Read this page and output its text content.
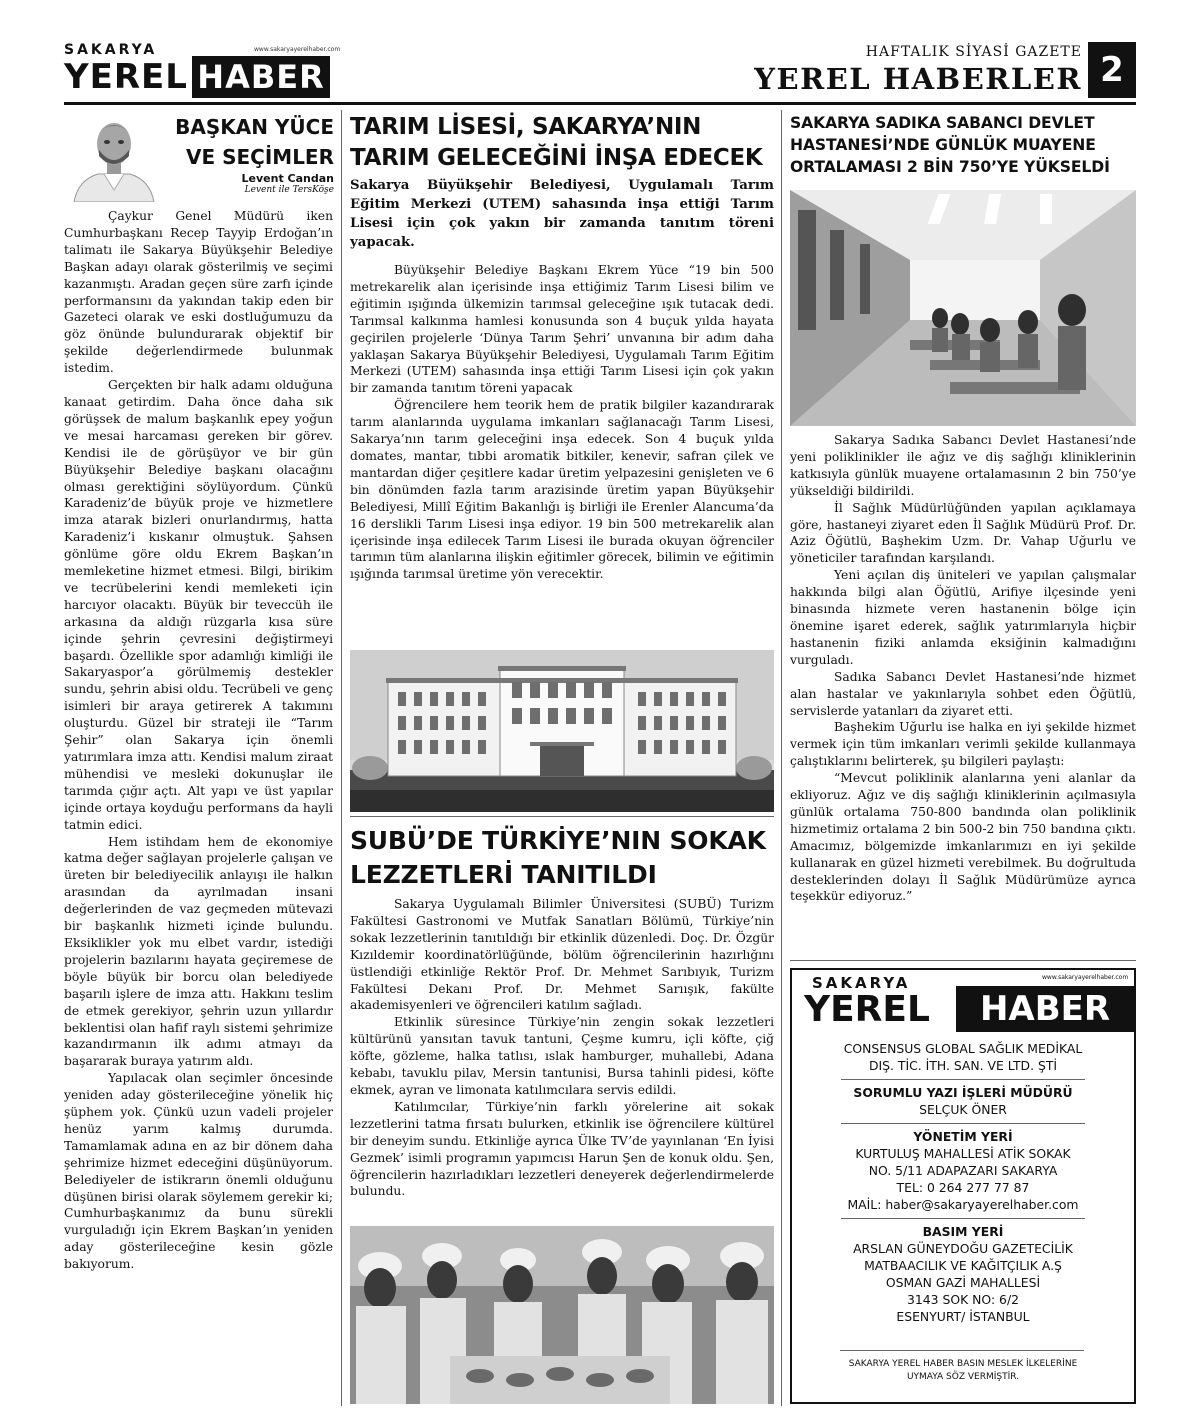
SAKARYA	www.sakaryayerelhaber.com
YEREL HABER
HAFTALIK SİYASİ GAZETE
YEREL HABERLER 2
BAŞKAN YÜCE VE SEÇİMLER
Levent Candan
Levent ile TersKöşe

Çaykur Genel Müdürü iken Cumhurbaşkanı Recep Tayyip Erdoğan’ın talimatı ile Sakarya Büyükşehir Belediye Başkan adayı olarak gösterilmiş ve seçimi kazanmıştı. Aradan geçen süre zarfı içinde performansını da yakından takip eden bir Gazeteci olarak ve eski dostluğumuzu da göz önünde bulundurarak objektif bir şekilde değerlendirmede bulunmak istedim.

Gerçekten bir halk adamı olduğuna kanaat getirdim. Daha önce daha sık görüşsek de malum başkanlık epey yoğun ve mesai harcaması gereken bir görev. Kendisi ile de görüşüyor ve bir gün Büyükşehir Belediye başkanı olacağını olması gerektiğini söylüyordum. Çünkü Karadeniz’de büyük proje ve hizmetlere imza atarak bizleri onurlandırmış, hatta Karadeniz’i kıskanır olmuştuk. Şahsen gönlüme göre oldu Ekrem Başkan’ın memleketine hizmet etmesi. Bilgi, birikim ve tecrübelerini kendi memleketi için harcıyor olacaktı. Büyük bir teveccüh ile arkasına da aldığı rüzgarla kısa süre içinde şehrin çevresini değiştirmeyi başardı. Özellikle spor adamlığı kimliği ile Sakaryaspor’a görülmemiş destekler sundu, şehrin abisi oldu. Tecrübeli ve genç isimleri bir araya getirerek A takımını oluşturdu. Güzel bir strateji ile “Tarım Şehir” olan Sakarya için önemli yatırımlara imza attı. Kendisi malum ziraat mühendisi ve mesleki dokunuşlar ile tarımda çığır açtı. Alt yapı ve üst yapılar içinde ortaya koyduğu performans da hayli tatmin edici.

Hem istihdam hem de ekonomiye katma değer sağlayan projelerle çalışan ve üreten bir belediyecilik anlayışı ile halkın arasından da ayrılmadan insani değerlerinden de vaz geçmeden mütevazi bir başkanlık hizmeti içinde bulundu. Eksiklikler yok mu elbet vardır, istediği projelerin bazılarını hayata geçiremese de böyle büyük bir borcu olan belediyede başarılı işlere de imza attı. Hakkını teslim de etmek gerekiyor, şehrin uzun yıllardır beklentisi olan hafif raylı sistemi şehrimize kazandırmanın ilk adımı atmayı da başararak buraya yatırım aldı.

Yapılacak olan seçimler öncesinde yeniden aday gösterileceğine yönelik hiç şüphem yok. Çünkü uzun vadeli projeler henüz yarım kalmış durumda. Tamamlamak adına en az bir dönem daha şehrimize hizmet edeceğini düşünüyorum. Belediyeler de istikrarın önemli olduğunu düşünen birisi olarak söylemem gerekir ki; Cumhurbaşkanımız da bunu sürekli vurguladığı için Ekrem Başkan’ın yeniden aday gösterileceğine kesin gözle bakıyorum.

TARIM LİSESİ, SAKARYA’NIN TARIM GELECEĞİNİ İNŞA EDECEK
Sakarya Büyükşehir Belediyesi, Uygulamalı Tarım Eğitim Merkezi (UTEM) sahasında inşa ettiği Tarım Lisesi için çok yakın bir zamanda tanıtım töreni yapacak.

Büyükşehir Belediye Başkanı Ekrem Yüce “19 bin 500 metrekarelik alan içerisinde inşa ettiğimiz Tarım Lisesi bilim ve eğitimin ışığında ülkemizin tarımsal geleceğine ışık tutacak dedi. Tarımsal kalkınma hamlesi konusunda son 4 buçuk yılda hayata geçirilen projelerle ‘Dünya Tarım Şehri’ unvanına bir adım daha yaklaşan Sakarya Büyükşehir Belediyesi, Uygulamalı Tarım Eğitim Merkezi (UTEM) sahasında inşa ettiği Tarım Lisesi için çok yakın bir zamanda tanıtım töreni yapacak

Öğrencilere hem teorik hem de pratik bilgiler kazandırarak tarım alanlarında uygulama imkanları sağlanacağı Tarım Lisesi, Sakarya’nın tarım geleceğini inşa edecek. Son 4 buçuk yılda domates, mantar, tıbbi aromatik bitkiler, kenevir, safran çilek ve mantardan diğer çeşitlere kadar üretim yelpazesini genişleten ve 6 bin dönümden fazla tarım arazisinde üretim yapan Büyükşehir Belediyesi, Millî Eğitim Bakanlığı iş birliği ile Erenler Alancuma’da 16 derslikli Tarım Lisesi inşa ediyor. 19 bin 500 metrekarelik alan içerisinde inşa edilecek Tarım Lisesi ile burada okuyan öğrenciler tarımın tüm alanlarına ilişkin eğitimler görecek, bilimin ve eğitimin ışığında tarımsal üretime yön verecektir.

SUBÜ’DE TÜRKİYE’NIN SOKAK LEZZETLERİ TANITILDI

Sakarya Uygulamalı Bilimler Üniversitesi (SUBÜ) Turizm Fakültesi Gastronomi ve Mutfak Sanatları Bölümü, Türkiye’nin sokak lezzetlerinin tanıtıldığı bir etkinlik düzenledi. Doç. Dr. Özgür Kızıldemir koordinatörlüğünde, bölüm öğrencilerinin hazırlığını üstlendiği etkinliğe Rektör Prof. Dr. Mehmet Sarıbıyık, Turizm Fakültesi Dekanı Prof. Dr. Mehmet Sarıışık, fakülte akademisyenleri ve öğrencileri katılım sağladı.

Etkinlik süresince Türkiye’nin zengin sokak lezzetleri kültürünü yansıtan tavuk tantuni, Çeşme kumru, içli köfte, çiğ köfte, gözleme, halka tatlısı, ıslak hamburger, muhallebi, Adana kebabı, tavuklu pilav, Mersin tantunisi, Bursa tahinli pidesi, köfte ekmek, ayran ve limonata katılımcılara servis edildi.

Katılımcılar, Türkiye’nin farklı yörelerine ait sokak lezzetlerini tatma fırsatı bulurken, etkinlik ise öğrencilere kültürel bir deneyim sundu. Etkinliğe ayrıca Ülke TV’de yayınlanan ‘En İyisi Gezmek’ isimli programın yapımcısı Harun Şen de konuk oldu. Şen, öğrencilerin hazırladıkları lezzetleri deneyerek değerlendirmelerde bulundu.

SAKARYA SADIKA SABANCI DEVLET HASTANESİ’NDE GÜNLÜK MUAYENE ORTALAMASI 2 BİN 750’YE YÜKSELDİ

Sakarya Sadıka Sabancı Devlet Hastanesi’nde yeni poliklinikler ile ağız ve diş sağlığı kliniklerinin katkısıyla günlük muayene ortalamasının 2 bin 750’ye yükseldiği bildirildi.

İl Sağlık Müdürlüğünden yapılan açıklamaya göre, hastaneyi ziyaret eden İl Sağlık Müdürü Prof. Dr. Aziz Öğütlü, Başhekim Uzm. Dr. Vahap Uğurlu ve yöneticiler tarafından karşılandı.

Yeni açılan diş üniteleri ve yapılan çalışmalar hakkında bilgi alan Öğütlü, Arifiye ilçesinde yeni binasında hizmete veren hastanenin bölge için önemine işaret ederek, sağlık yatırımlarıyla hiçbir hastanenin fiziki anlamda eksiğinin kalmadığını vurguladı.

Sadıka Sabancı Devlet Hastanesi’nde hizmet alan hastalar ve yakınlarıyla sohbet eden Öğütlü, servislerde yatanları da ziyaret etti.

Başhekim Uğurlu ise halka en iyi şekilde hizmet vermek için tüm imkanları verimli şekilde kullanmaya çalıştıklarını belirterek, şu bilgileri paylaştı:

“Mevcut poliklinik alanlarına yeni alanlar da ekliyoruz. Ağız ve diş sağlığı kliniklerinin açılmasıyla günlük ortalama 750-800 bandında olan poliklinik hizmetimiz ortalama 2 bin 500-2 bin 750 bandına çıktı. Amacımız, bölgemizde imkanlarımızı en iyi şekilde kullanarak en güzel hizmeti verebilmek. Bu doğrultuda desteklerinden dolayı İl Sağlık Müdürümüze ayrıca teşekkür ediyoruz.”

SAKARYA	www.sakaryayerelhaber.com
YEREL	HABER
CONSENSUS GLOBAL SAĞLIK MEDİKAL
DIŞ. TİC. İTH. SAN. VE LTD. ŞTİ
SORUMLU YAZI İŞLERİ MÜDÜRÜ
SELÇUK ÖNER
YÖNETİM YERİ
KURTULUŞ MAHALLESİ ATİK SOKAK
NO. 5/11 ADAPAZARI SAKARYA
TEL: 0 264 277 77 87
MAİL: haber@sakaryayerelhaber.com
BASIM YERİ
ARSLAN GÜNEYDOĞU GAZETECİLİK
MATBAACILIK VE KAĞITÇILIK A.Ş
OSMAN GAZİ MAHALLESİ
3143 SOK NO: 6/2
ESENYURT/ İSTANBUL
SAKARYA YEREL HABER BASIN MESLEK İLKELERİNE
UYMAYA SÖZ VERMİŞTİR.
